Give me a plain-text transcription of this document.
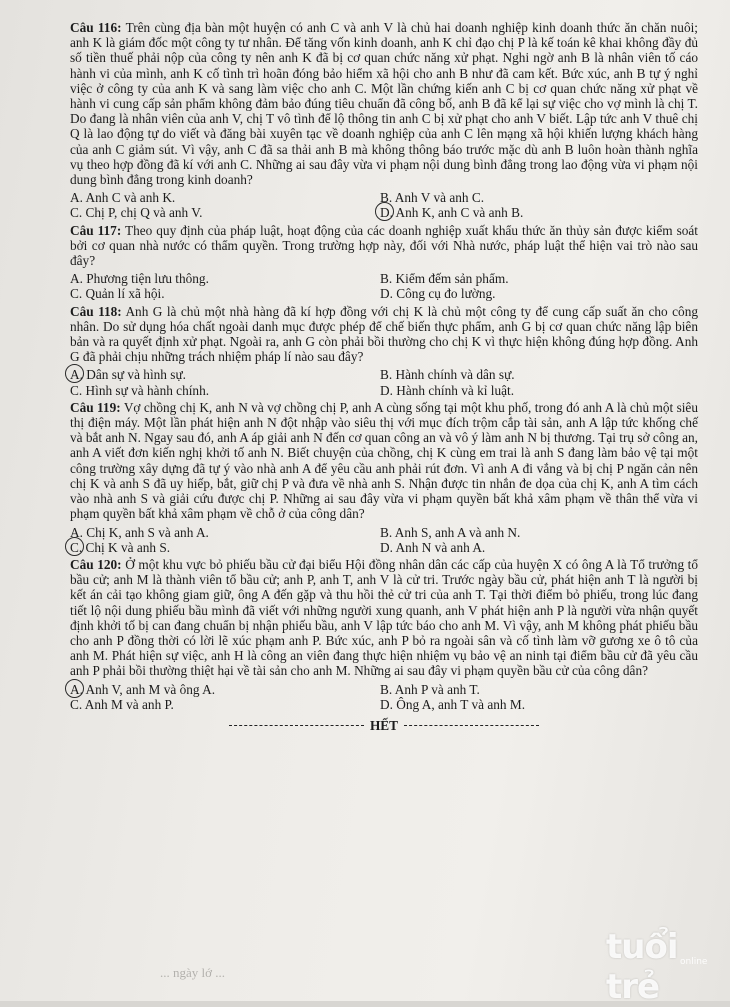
Câu 116: Trên cùng địa bàn một huyện có anh C và anh V là chủ hai doanh nghiệp kinh doanh thức ăn chăn nuôi; anh K là giám đốc một công ty tư nhân. Để tăng vốn kinh doanh, anh K chỉ đạo chị P là kế toán kê khai không đầy đủ số tiền thuế phải nộp của công ty nên anh K đã bị cơ quan chức năng xử phạt. Nghi ngờ anh B là nhân viên tố cáo hành vi của mình, anh K cố tình trì hoãn đóng bảo hiểm xã hội cho anh B như đã cam kết. Bức xúc, anh B tự ý nghỉ việc ở công ty của anh K và sang làm việc cho anh C. Một lần chứng kiến anh C bị cơ quan chức năng xử phạt về hành vi cung cấp sản phẩm không đảm bảo đúng tiêu chuẩn đã công bố, anh B đã kể lại sự việc cho vợ mình là chị T. Do đang là nhân viên của anh V, chị T vô tình để lộ thông tin anh C bị xử phạt cho anh V biết. Lập tức anh V thuê chị Q là lao động tự do viết và đăng bài xuyên tạc về doanh nghiệp của anh C lên mạng xã hội khiến lượng khách hàng của anh C giảm sút. Vì vậy, anh C đã sa thải anh B mà không thông báo trước mặc dù anh B luôn hoàn thành nghĩa vụ theo hợp đồng đã kí với anh C. Những ai sau đây vừa vi phạm nội dung bình đẳng trong lao động vừa vi phạm nội dung bình đẳng trong kinh doanh?
A. Anh C và anh K.	B. Anh V và anh C.
C. Chị P, chị Q và anh V.	D. Anh K, anh C và anh B.
Câu 117: Theo quy định của pháp luật, hoạt động của các doanh nghiệp xuất khẩu thức ăn thủy sản được kiểm soát bởi cơ quan nhà nước có thẩm quyền. Trong trường hợp này, đối với Nhà nước, pháp luật thể hiện vai trò nào sau đây?
A. Phương tiện lưu thông.	B. Kiểm đếm sản phẩm.
C. Quản lí xã hội.	D. Công cụ đo lường.
Câu 118: Anh G là chủ một nhà hàng đã kí hợp đồng với chị K là chủ một công ty để cung cấp suất ăn cho công nhân. Do sử dụng hóa chất ngoài danh mục được phép để chế biến thực phẩm, anh G bị cơ quan chức năng lập biên bản và ra quyết định xử phạt. Ngoài ra, anh G còn phải bồi thường cho chị K vì thực hiện không đúng hợp đồng. Anh G đã phải chịu những trách nhiệm pháp lí nào sau đây?
A. Dân sự và hình sự.	B. Hành chính và dân sự.
C. Hình sự và hành chính.	D. Hành chính và kỉ luật.
Câu 119: Vợ chồng chị K, anh N và vợ chồng chị P, anh A cùng sống tại một khu phố, trong đó anh A là chủ một siêu thị điện máy. Một lần phát hiện anh N đột nhập vào siêu thị với mục đích trộm cắp tài sản, anh A lập tức khống chế và bắt anh N. Ngay sau đó, anh A áp giải anh N đến cơ quan công an và vô ý làm anh N bị thương. Tại trụ sở công an, anh A viết đơn kiến nghị khởi tố anh N. Biết chuyện của chồng, chị K cùng em trai là anh S đang làm bảo vệ tại một công trường xây dựng đã tự ý vào nhà anh A để yêu cầu anh phải rút đơn. Vì anh A đi vắng và bị chị P ngăn cản nên chị K và anh S đã uy hiếp, bắt, giữ chị P và đưa về nhà anh S. Nhận được tin nhắn đe dọa của chị K, anh A tìm cách vào nhà anh S và giải cứu được chị P. Những ai sau đây vừa vi phạm quyền bất khả xâm phạm về thân thể vừa vi phạm quyền bất khả xâm phạm về chỗ ở của công dân?
A. Chị K, anh S và anh A.	B. Anh S, anh A và anh N.
C. Chị K và anh S.	D. Anh N và anh A.
Câu 120: Ở một khu vực bỏ phiếu bầu cử đại biểu Hội đồng nhân dân các cấp của huyện X có ông A là Tổ trưởng tổ bầu cử; anh M là thành viên tổ bầu cử; anh P, anh T, anh V là cử tri. Trước ngày bầu cử, phát hiện anh T là người bị kết án cải tạo không giam giữ, ông A đến gặp và thu hồi thẻ cử tri của anh T. Tại thời điểm bỏ phiếu, trong lúc đang tiết lộ nội dung phiếu bầu mình đã viết với những người xung quanh, anh V phát hiện anh P là người vừa nhận quyết định khởi tố bị can đang chuẩn bị nhận phiếu bầu, anh V lập tức báo cho anh M. Vì vậy, anh M không phát phiếu bầu cho anh P đồng thời có lời lẽ xúc phạm anh P. Bức xúc, anh P bỏ ra ngoài sân và cố tình làm vỡ gương xe ô tô của anh M. Phát hiện sự việc, anh H là công an viên đang thực hiện nhiệm vụ bảo vệ an ninh tại điểm bầu cử đã yêu cầu anh P phải bồi thường thiệt hại về tài sản cho anh M. Những ai sau đây vi phạm quyền bầu cử của công dân?
A. Anh V, anh M và ông A.	B. Anh P và anh T.
C. Anh M và anh P.	D. Ông A, anh T và anh M.
HẾT
... ngày lớ ...
tuổi trẻ
online
